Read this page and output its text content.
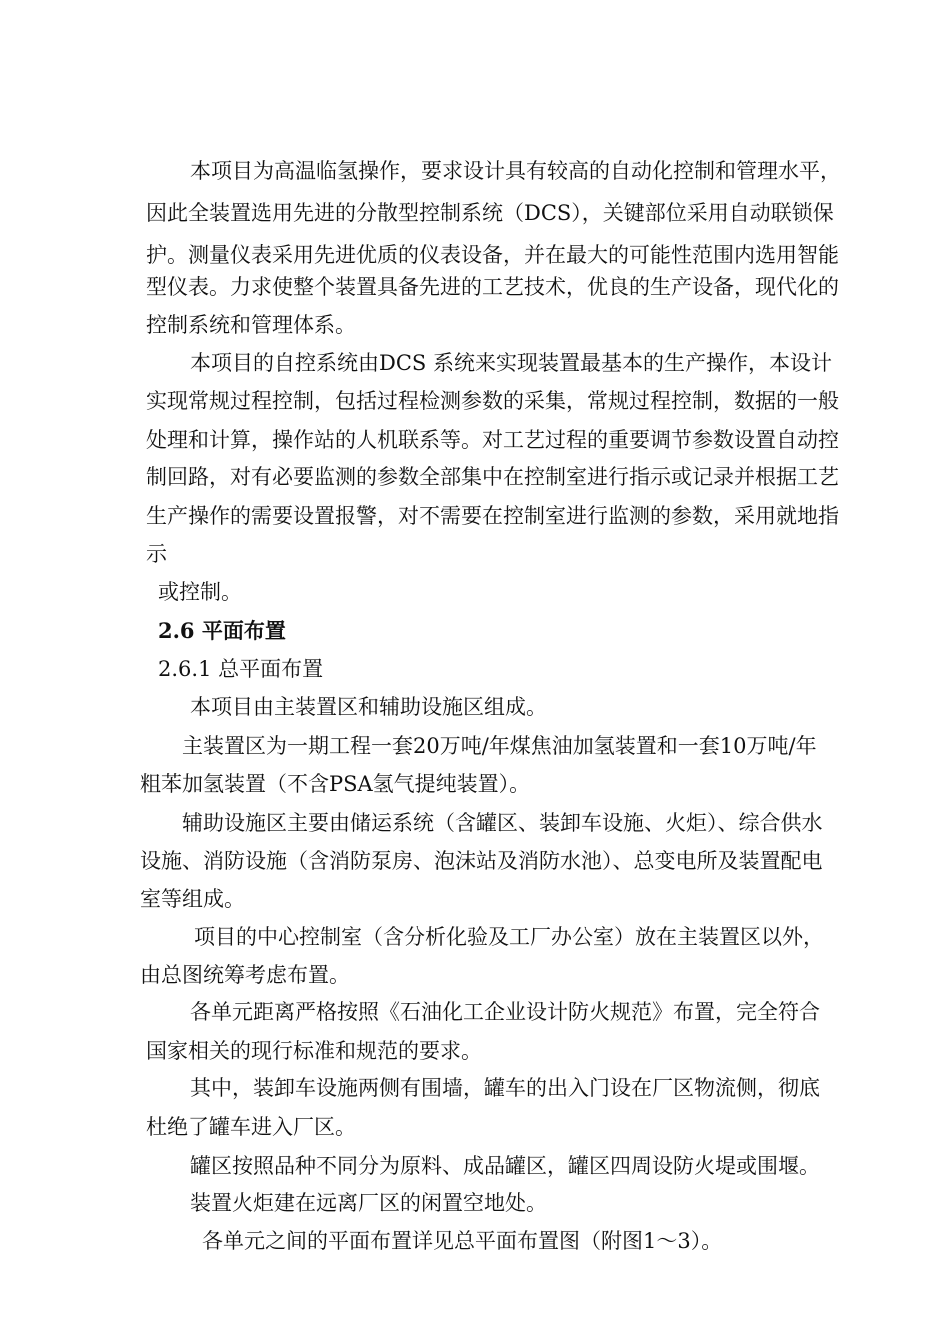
本项目为高温临氢操作，要求设计具有较高的自动化控制和管理水平，

因此全装置选用先进的分散型控制系统（DCS），关键部位采用自动联锁保

护。测量仪表采用先进优质的仪表设备，并在最大的可能性范围内选用智能

型仪表。力求使整个装置具备先进的工艺技术，优良的生产设备，现代化的

控制系统和管理体系。

本项目的自控系统由DCS 系统来实现装置最基本的生产操作，本设计

实现常规过程控制，包括过程检测参数的采集，常规过程控制，数据的一般

处理和计算，操作站的人机联系等。对工艺过程的重要调节参数设置自动控

制回路，对有必要监测的参数全部集中在控制室进行指示或记录并根据工艺

生产操作的需要设置报警，对不需要在控制室进行监测的参数，采用就地指

示

或控制。

2.6 平面布置

2.6.1 总平面布置

本项目由主装置区和辅助设施区组成。

主装置区为一期工程一套20万吨/年煤焦油加氢装置和一套10万吨/年

粗苯加氢装置（不含PSA氢气提纯装置）。

辅助设施区主要由储运系统（含罐区、装卸车设施、火炬）、综合供水

设施、消防设施（含消防泵房、泡沫站及消防水池）、总变电所及装置配电

室等组成。

项目的中心控制室（含分析化验及工厂办公室）放在主装置区以外，

由总图统筹考虑布置。

各单元距离严格按照《石油化工企业设计防火规范》布置，完全符合

国家相关的现行标准和规范的要求。

其中，装卸车设施两侧有围墙，罐车的出入门设在厂区物流侧，彻底

杜绝了罐车进入厂区。

罐区按照品种不同分为原料、成品罐区，罐区四周设防火堤或围堰。

装置火炬建在远离厂区的闲置空地处。

各单元之间的平面布置详见总平面布置图（附图1～3）。
